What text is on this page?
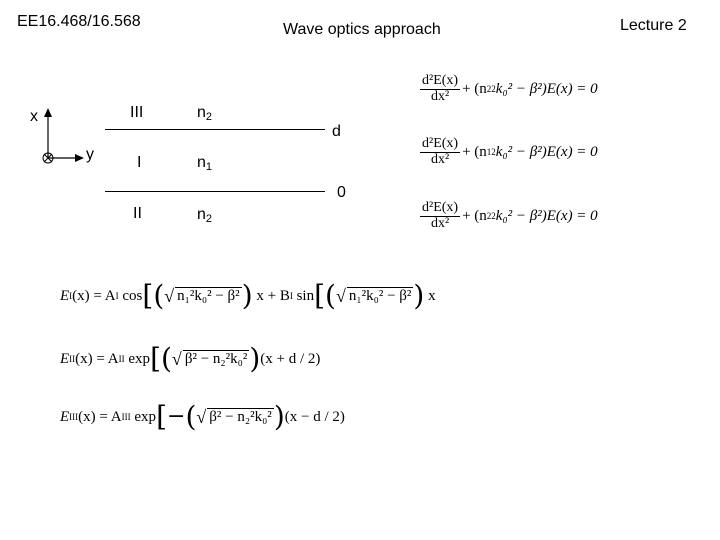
EE16.468/16.568	Wave optics approach	Lecture 2
x
y
III	$n_2$
d
I	$n_1$
0
II	$n_2$
$\frac{\text{d²E(x)}}{\text{dx²}}$ +
(n 2 2 k₀² − β²)E(x) = 0
$\frac{\text{d²E(x)}}{\text{dx²}}$ +
(n 1 2 k₀² − β²)E(x) = 0
$\frac{\text{d²E(x)}}{\text{dx²}}$ +
(n 2 2 k₀² − β²)E(x) = 0
E I (x) = A I
cos [( √ n₁²k₀² − β² )
x + B I
sin [( √ n₁²k₀² − β² )
x
E II (x) = A II
exp [( √ β² − n₂²k₀² ) (x + d / 2)
E III (x) = A III
exp [ − ( √ β² − n₂²k₀² ) (x − d / 2)
